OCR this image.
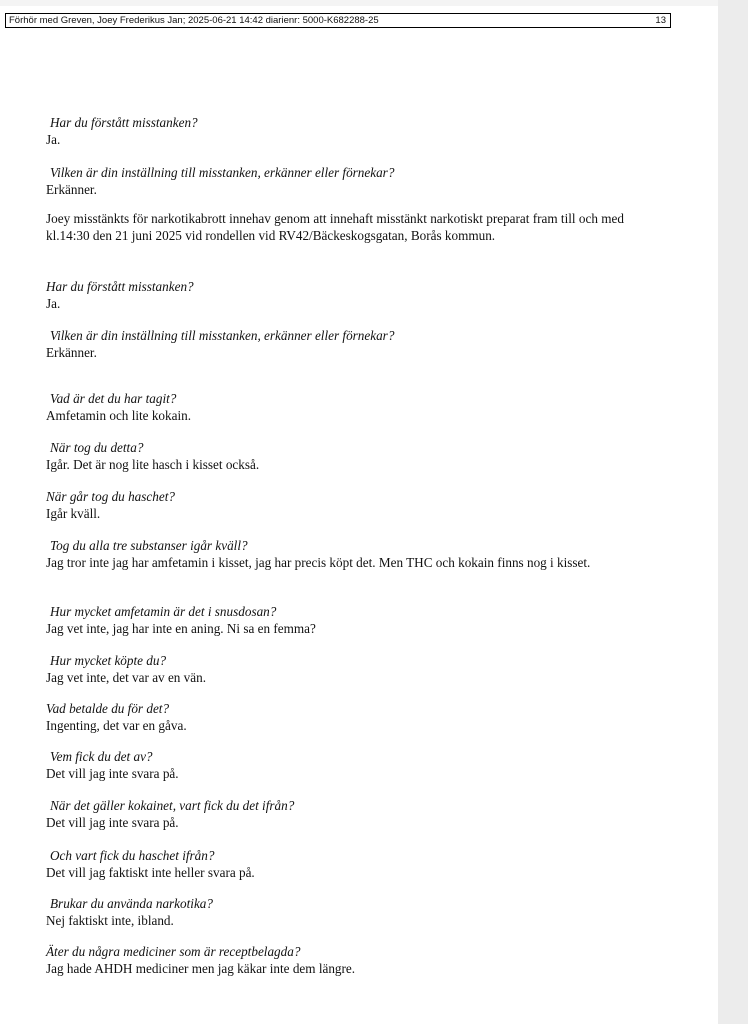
Förhör med Greven, Joey Frederikus Jan; 2025-06-21 14:42 diarienr: 5000-K682288-25	13
Har du förstått misstanken?
Ja.
Vilken är din inställning till misstanken, erkänner eller förnekar?
Erkänner.
Joey misstänkts för narkotikabrott innehav genom att innehaft misstänkt narkotiskt preparat fram till och med kl.14:30 den 21 juni 2025 vid rondellen vid RV42/Bäckeskogsgatan, Borås kommun.
Har du förstått misstanken?
Ja.
Vilken är din inställning till misstanken, erkänner eller förnekar?
Erkänner.
Vad är det du har tagit?
Amfetamin och lite kokain.
När tog du detta?
Igår. Det är nog lite hasch i kisset också.
När går tog du haschet?
Igår kväll.
Tog du alla tre substanser igår kväll?
Jag tror inte jag har amfetamin i kisset, jag har precis köpt det. Men THC och kokain finns nog i kisset.
Hur mycket amfetamin är det i snusdosan?
Jag vet inte, jag har inte en aning. Ni sa en femma?
Hur mycket köpte du?
Jag vet inte, det var av en vän.
Vad betalde du för det?
Ingenting, det var en gåva.
Vem fick du det av?
Det vill jag inte svara på.
När det gäller kokainet, vart fick du det ifrån?
Det vill jag inte svara på.
Och vart fick du haschet ifrån?
Det vill jag faktiskt inte heller svara på.
Brukar du använda narkotika?
Nej faktiskt inte, ibland.
Äter du några mediciner som är receptbelagda?
Jag hade AHDH mediciner men jag käkar inte dem längre.
